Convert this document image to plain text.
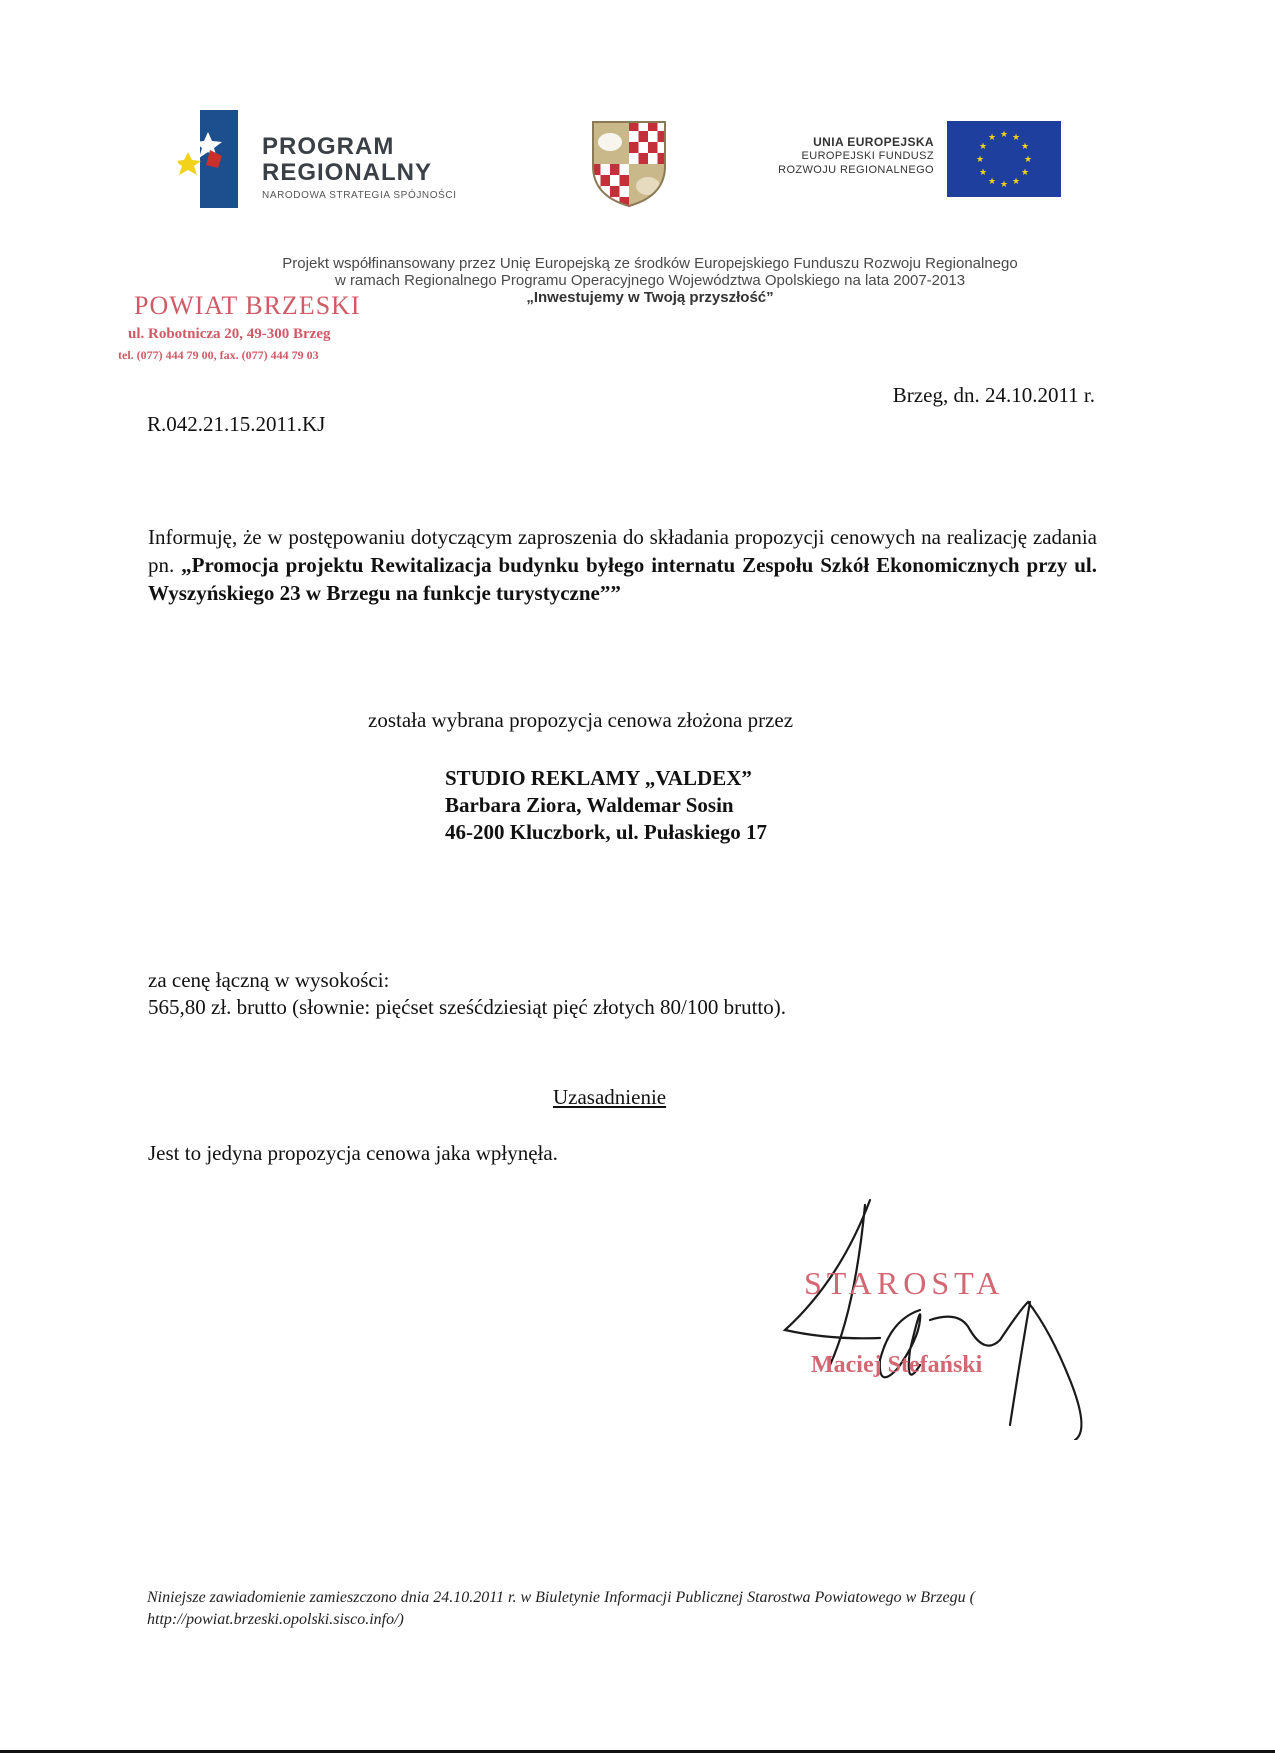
PROGRAM
REGIONALNY
NARODOWA STRATEGIA SPÓJNOŚCI
UNIA EUROPEJSKA
EUROPEJSKI FUNDUSZ
ROZWOJU REGIONALNEGO
★ ★
★
★
★
★
★
★
★
★
★
★
Projekt współfinansowany przez Unię Europejską ze środków Europejskiego Funduszu Rozwoju Regionalnego
w ramach Regionalnego Programu Operacyjnego Województwa Opolskiego na lata 2007-2013
„Inwestujemy w Twoją przyszłość”
POWIAT BRZESKI
ul. Robotnicza 20, 49-300 Brzeg
tel. (077) 444 79 00, fax. (077) 444 79 03
Brzeg, dn. 24.10.2011 r.
R.042.21.15.2011.KJ

Informuję, że w postępowaniu dotyczącym zaproszenia do składania propozycji cenowych na realizację zadania pn. „Promocja projektu Rewitalizacja budynku byłego internatu Zespołu Szkół Ekonomicznych przy ul. Wyszyńskiego 23 w Brzegu na funkcje turystyczne””

została wybrana propozycja cenowa złożona przez
STUDIO REKLAMY „VALDEX”
Barbara Ziora, Waldemar Sosin
46-200 Kluczbork, ul. Pułaskiego 17
za cenę łączną w wysokości:
565,80 zł. brutto (słownie: pięćset sześćdziesiąt pięć złotych 80/100 brutto).
Uzasadnienie
Jest to jedyna propozycja cenowa jaka wpłynęła.
STAROSTA
Maciej Stefański
Niniejsze zawiadomienie zamieszczono dnia 24.10.2011 r. w Biuletynie Informacji Publicznej Starostwa Powiatowego w Brzegu ( http://powiat.brzeski.opolski.sisco.info/)
